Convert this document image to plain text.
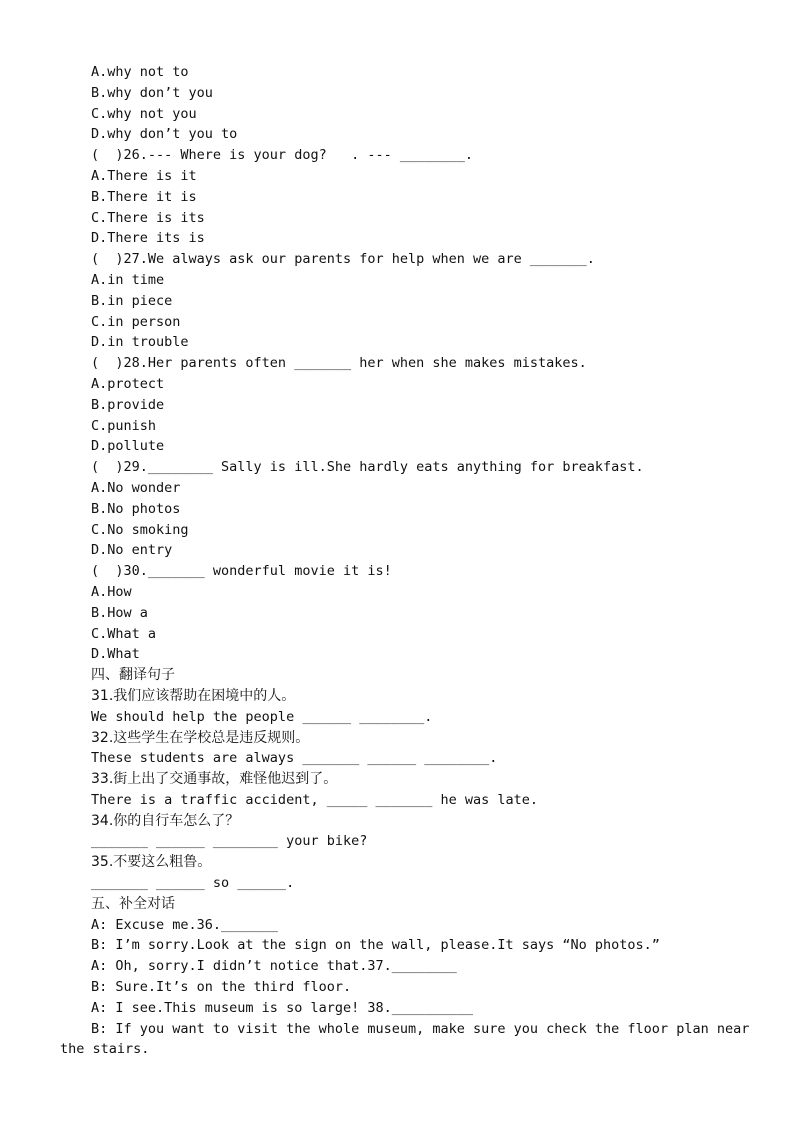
A.why not to
B.why don’t you
C.why not you
D.why don’t you to
(  )26.--- Where is your dog?   . --- ________.
A.There is it
B.There it is
C.There is its
D.There its is
(  )27.We always ask our parents for help when we are _______.
A.in time
B.in piece
C.in person
D.in trouble
(  )28.Her parents often _______ her when she makes mistakes.
A.protect
B.provide
C.punish
D.pollute
(  )29.________ Sally is ill.She hardly eats anything for breakfast.
A.No wonder
B.No photos
C.No smoking
D.No entry
(  )30._______ wonderful movie it is!
A.How
B.How a
C.What a
D.What
四、翻译句子
31.我们应该帮助在困境中的人。
We should help the people ______ ________.
32.这些学生在学校总是违反规则。
These students are always _______ ______ ________.
33.街上出了交通事故，难怪他迟到了。
There is a traffic accident, _____ _______ he was late.
34.你的自行车怎么了？
_______ ______ ________ your bike?
35.不要这么粗鲁。
_______ ______ so ______.
五、补全对话
A: Excuse me.36._______
B: I’m sorry.Look at the sign on the wall, please.It says “No photos.”
A: Oh, sorry.I didn’t notice that.37.________
B: Sure.It’s on the third floor.
A: I see.This museum is so large! 38.__________
B: If you want to visit the whole museum, make sure you check the floor plan near
the stairs.
